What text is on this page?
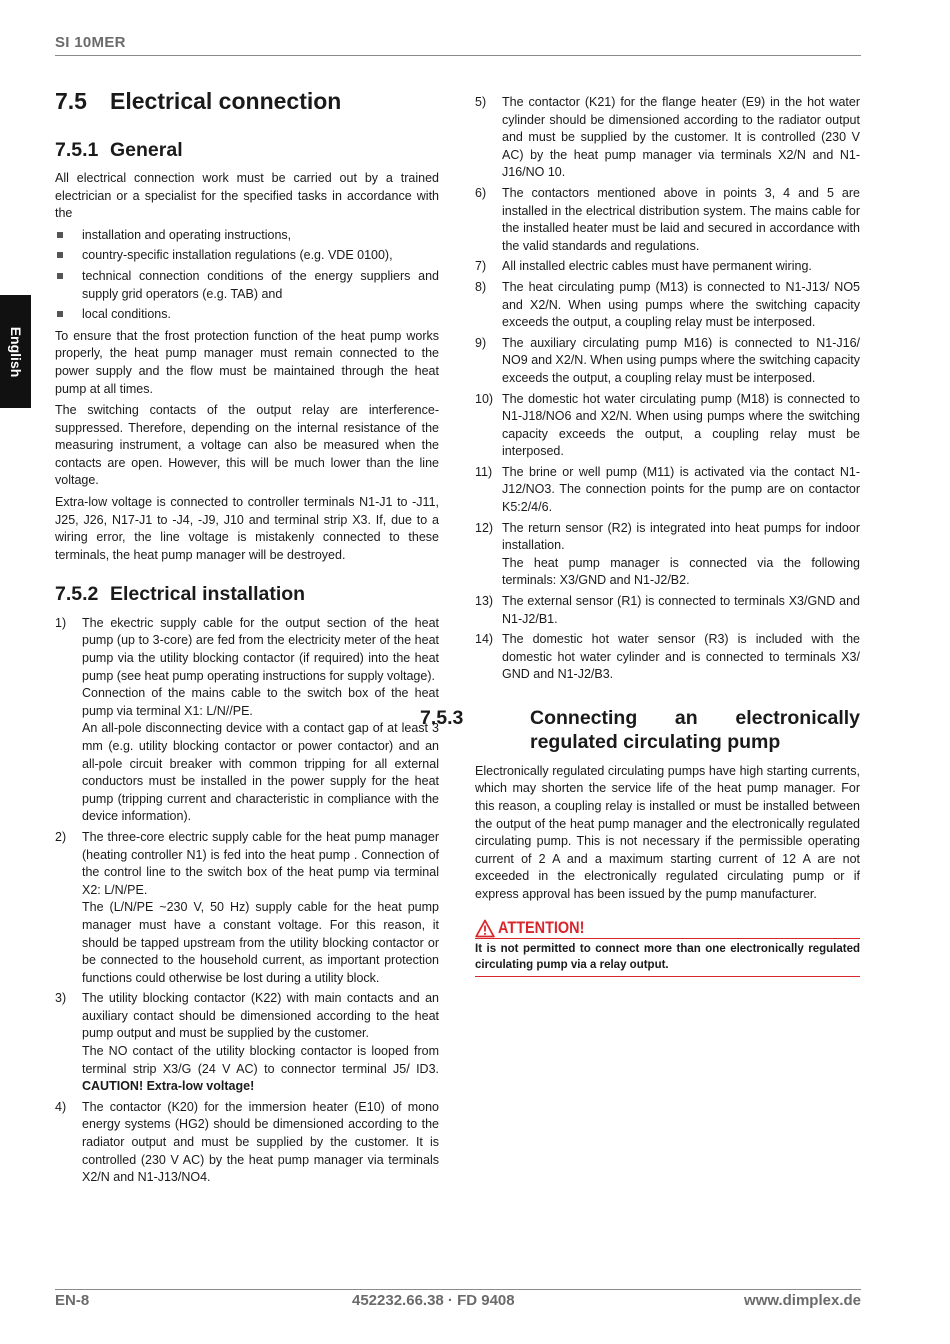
SI 10MER
English
7.5 Electrical connection
7.5.1 General

All electrical connection work must be carried out by a trained electrician or a specialist for the specified tasks in accordance with the

installation and operating instructions,
country-specific installation regulations (e.g. VDE 0100),
technical connection conditions of the energy suppliers and supply grid operators (e.g. TAB) and
local conditions.

To ensure that the frost protection function of the heat pump works properly, the heat pump manager must remain connected to the power supply and the flow must be maintained through the heat pump at all times.

The switching contacts of the output relay are interference-suppressed. Therefore, depending on the internal resistance of the measuring instrument, a voltage can also be measured when the contacts are open. However, this will be much lower than the line voltage.

Extra-low voltage is connected to controller terminals N1-J1 to -J11, J25, J26, N17-J1 to -J4, -J9, J10 and terminal strip X3. If, due to a wiring error, the line voltage is mistakenly connected to these terminals, the heat pump manager will be destroyed.

7.5.2 Electrical installation
1) The ekectric supply cable for the output section of the heat pump (up to 3-core) are fed from the electricity meter of the heat pump via the utility blocking contactor (if required) into the heat pump (see heat pump operating instructions for supply voltage).
Connection of the mains cable to the switch box of the heat pump via terminal X1: L/N//PE.
An all-pole disconnecting device with a contact gap of at least 3 mm (e.g. utility blocking contactor or power contactor) and an all-pole circuit breaker with common tripping for all external conductors must be installed in the power supply for the heat pump (tripping current and characteristic in compliance with the device information).
2) The three-core electric supply cable for the heat pump manager (heating controller N1) is fed into the heat pump . Connection of the control line to the switch box of the heat pump via terminal X2: L/N/PE.
The (L/N/PE ~230 V, 50 Hz) supply cable for the heat pump manager must have a constant voltage. For this reason, it should be tapped upstream from the utility blocking contactor or be connected to the household current, as important protection functions could otherwise be lost during a utility block.
3) The utility blocking contactor (K22) with main contacts and an auxiliary contact should be dimensioned according to the heat pump output and must be supplied by the customer.
The NO contact of the utility blocking contactor is looped from terminal strip X3/G (24 V AC) to connector terminal J5/ ID3. CAUTION! Extra-low voltage!
4) The contactor (K20) for the immersion heater (E10) of mono energy systems (HG2) should be dimensioned according to the radiator output and must be supplied by the customer. It is controlled (230 V AC) by the heat pump manager via terminals X2/N and N1-J13/NO4.
5) The contactor (K21) for the flange heater (E9) in the hot water cylinder should be dimensioned according to the radiator output and must be supplied by the customer. It is controlled (230 V AC) by the heat pump manager via terminals X2/N and N1-J16/NO 10.
6) The contactors mentioned above in points 3, 4 and 5 are installed in the electrical distribution system. The mains cable for the installed heater must be laid and secured in accordance with the valid standards and regulations.
7) All installed electric cables must have permanent wiring.
8) The heat circulating pump (M13) is connected to N1-J13/ NO5 and X2/N. When using pumps where the switching capacity exceeds the output, a coupling relay must be interposed.
9) The auxiliary circulating pump M16) is connected to N1-J16/ NO9 and X2/N. When using pumps where the switching capacity exceeds the output, a coupling relay must be interposed.
10) The domestic hot water circulating pump (M18) is connected to N1-J18/NO6 and X2/N. When using pumps where the switching capacity exceeds the output, a coupling relay must be interposed.
11) The brine or well pump (M11) is activated via the contact N1-J12/NO3. The connection points for the pump are on contactor K5:2/4/6.
12) The return sensor (R2) is integrated into heat pumps for indoor installation.
The heat pump manager is connected via the following terminals: X3/GND and N1-J2/B2.
13) The external sensor (R1) is connected to terminals X3/GND and N1-J2/B1.
14) The domestic hot water sensor (R3) is included with the domestic hot water cylinder and is connected to terminals X3/ GND and N1-J2/B3.
7.5.3	Connecting an electronically regulated circulating pump

Electronically regulated circulating pumps have high starting currents, which may shorten the service life of the heat pump manager. For this reason, a coupling relay is installed or must be installed between the output of the heat pump manager and the electronically regulated circulating pump. This is not necessary if the permissible operating current of 2 A and a maximum starting current of 12 A are not exceeded in the electronically regulated circulating pump or if express approval has been issued by the pump manufacturer.

ATTENTION!
It is not permitted to connect more than one electronically regulated circulating pump via a relay output.
EN-8	452232.66.38 · FD 9408	www.dimplex.de
